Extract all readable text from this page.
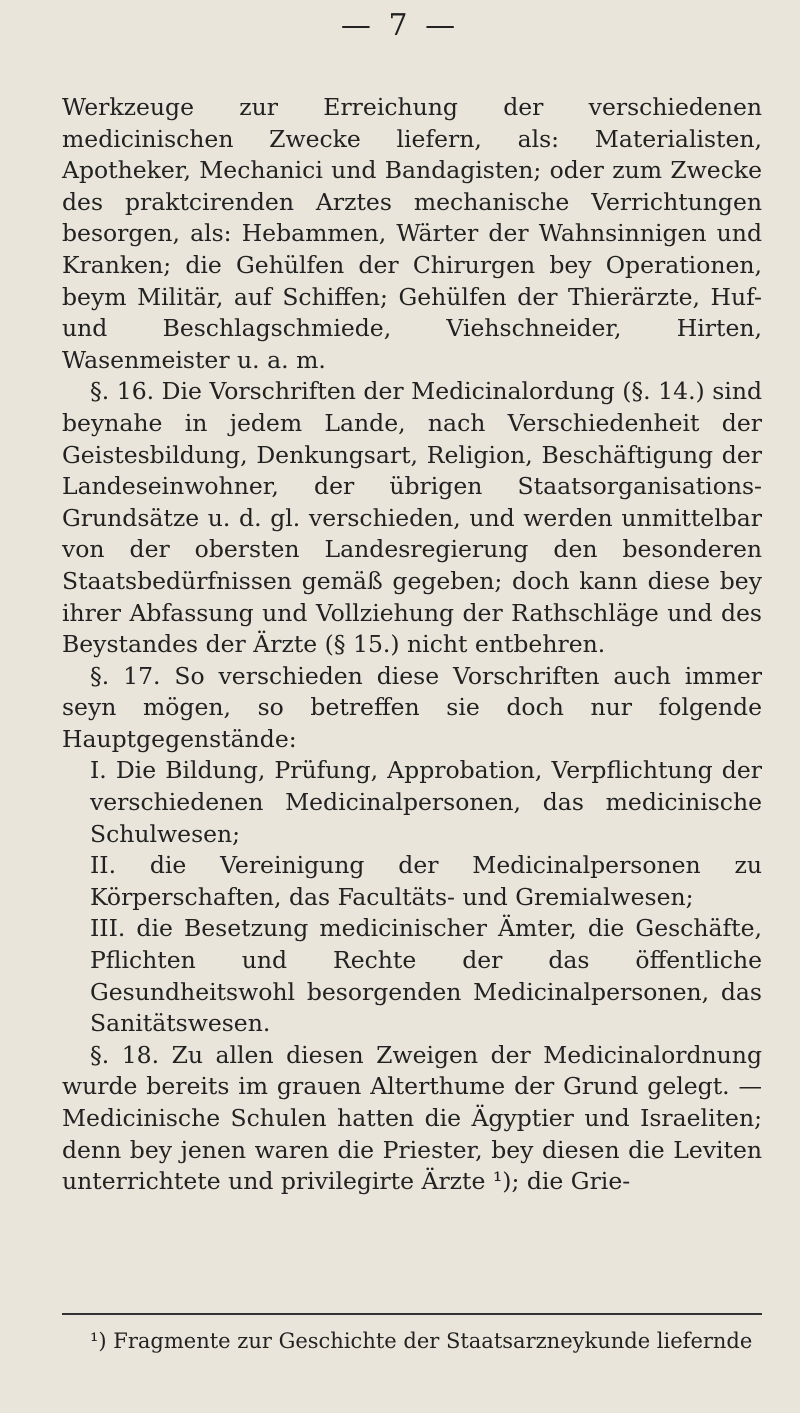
— 7 —

Werkzeuge zur Erreichung der verschiedenen medicinischen Zwecke liefern, als: Materialisten, Apotheker, Mechanici und Bandagisten; oder zum Zwecke des praktcirenden Arztes mechanische Verrichtungen besorgen, als: Hebammen, Wärter der Wahnsinnigen und Kranken; die Gehülfen der Chirurgen bey Operationen, beym Militär, auf Schiffen; Gehülfen der Thierärzte, Huf- und Beschlagschmiede, Viehschneider, Hirten, Wasenmeister u. a. m.

§. 16. Die Vorschriften der Medicinalordung (§. 14.) sind beynahe in jedem Lande, nach Verschiedenheit der Geistesbildung, Denkungsart, Religion, Beschäftigung der Landeseinwohner, der übrigen Staatsorganisations-Grundsätze u. d. gl. verschieden, und werden unmittelbar von der obersten Landesregierung den besonderen Staatsbedürfnissen gemäß gegeben; doch kann diese bey ihrer Abfassung und Vollziehung der Rathschläge und des Beystandes der Ärzte (§ 15.) nicht entbehren.

§. 17. So verschieden diese Vorschriften auch immer seyn mögen, so betreffen sie doch nur folgende Hauptgegenstände:

I. Die Bildung, Prüfung, Approbation, Verpflichtung der verschiedenen Medicinalpersonen, das medicinische Schulwesen;

II. die Vereinigung der Medicinalpersonen zu Körperschaften, das Facultäts- und Gremialwesen;

III. die Besetzung medicinischer Ämter, die Geschäfte, Pflichten und Rechte der das öffentliche Gesundheitswohl besorgenden Medicinalpersonen, das Sanitätswesen.

§. 18. Zu allen diesen Zweigen der Medicinalordnung wurde bereits im grauen Alterthume der Grund gelegt. — Medicinische Schulen hatten die Ägyptier und Israeliten; denn bey jenen waren die Priester, bey diesen die Leviten unterrichtete und privilegirte Ärzte ¹); die Grie-

¹) Fragmente zur Geschichte der Staatsarzneykunde liefernde
